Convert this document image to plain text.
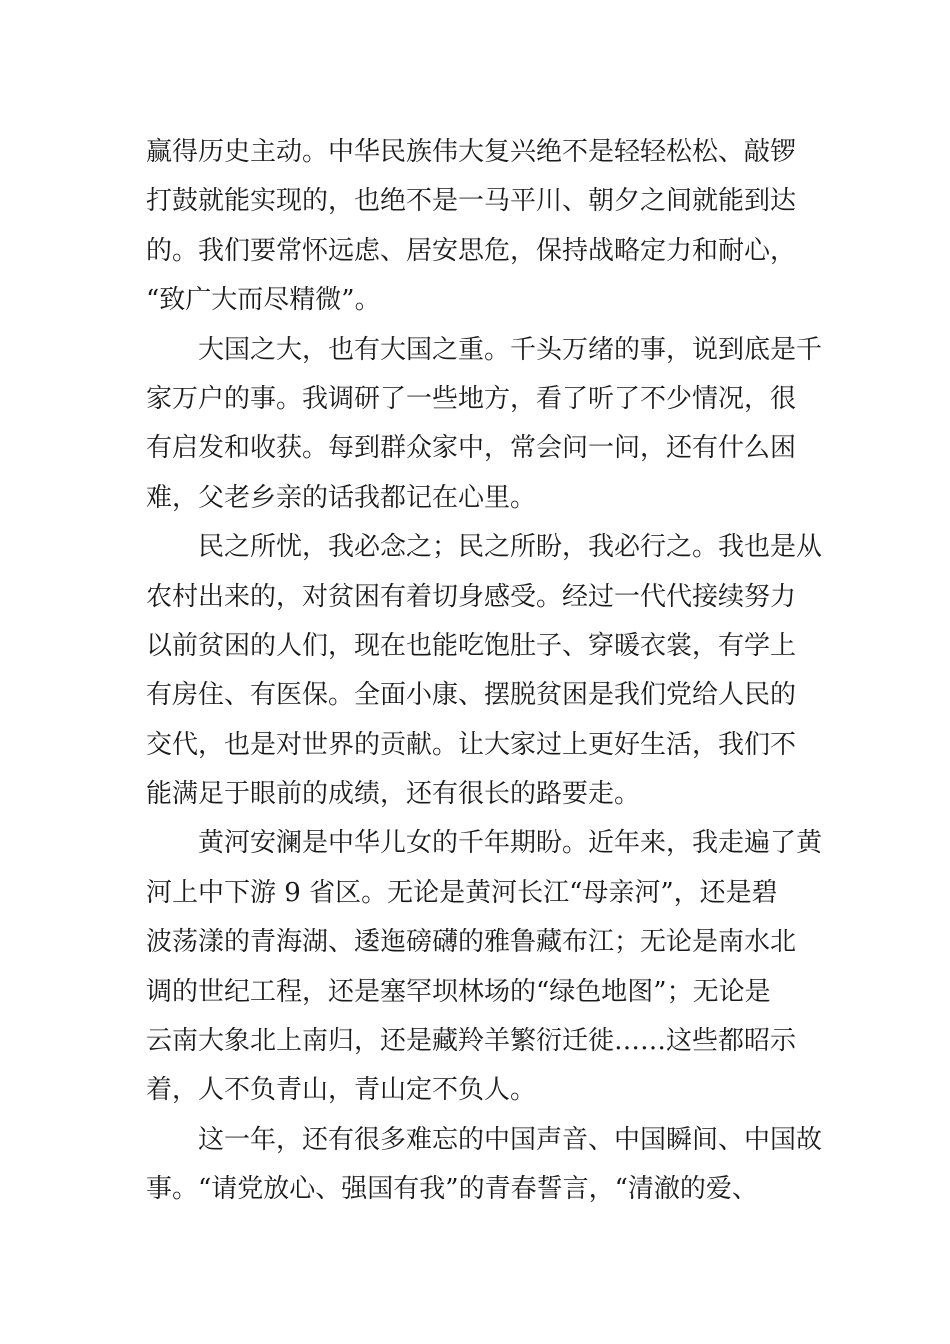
赢得历史主动。中华民族伟大复兴绝不是轻轻松松、敲锣
打鼓就能实现的，也绝不是一马平川、朝夕之间就能到达
的。我们要常怀远虑、居安思危，保持战略定力和耐心，
“致广大而尽精微”。
　　大国之大，也有大国之重。千头万绪的事，说到底是千
家万户的事。我调研了一些地方，看了听了不少情况，很
有启发和收获。每到群众家中，常会问一问，还有什么困
难，父老乡亲的话我都记在心里。
　　民之所忧，我必念之；民之所盼，我必行之。我也是从
农村出来的，对贫困有着切身感受。经过一代代接续努力
以前贫困的人们，现在也能吃饱肚子、穿暖衣裳，有学上
有房住、有医保。全面小康、摆脱贫困是我们党给人民的
交代，也是对世界的贡献。让大家过上更好生活，我们不
能满足于眼前的成绩，还有很长的路要走。
　　黄河安澜是中华儿女的千年期盼。近年来，我走遍了黄
河上中下游 9 省区。无论是黄河长江“母亲河”，还是碧
波荡漾的青海湖、逶迤磅礴的雅鲁藏布江；无论是南水北
调的世纪工程，还是塞罕坝林场的“绿色地图”；无论是
云南大象北上南归，还是藏羚羊繁衍迁徙……这些都昭示
着，人不负青山，青山定不负人。
　　这一年，还有很多难忘的中国声音、中国瞬间、中国故
事。“请党放心、强国有我”的青春誓言，“清澈的爱、
